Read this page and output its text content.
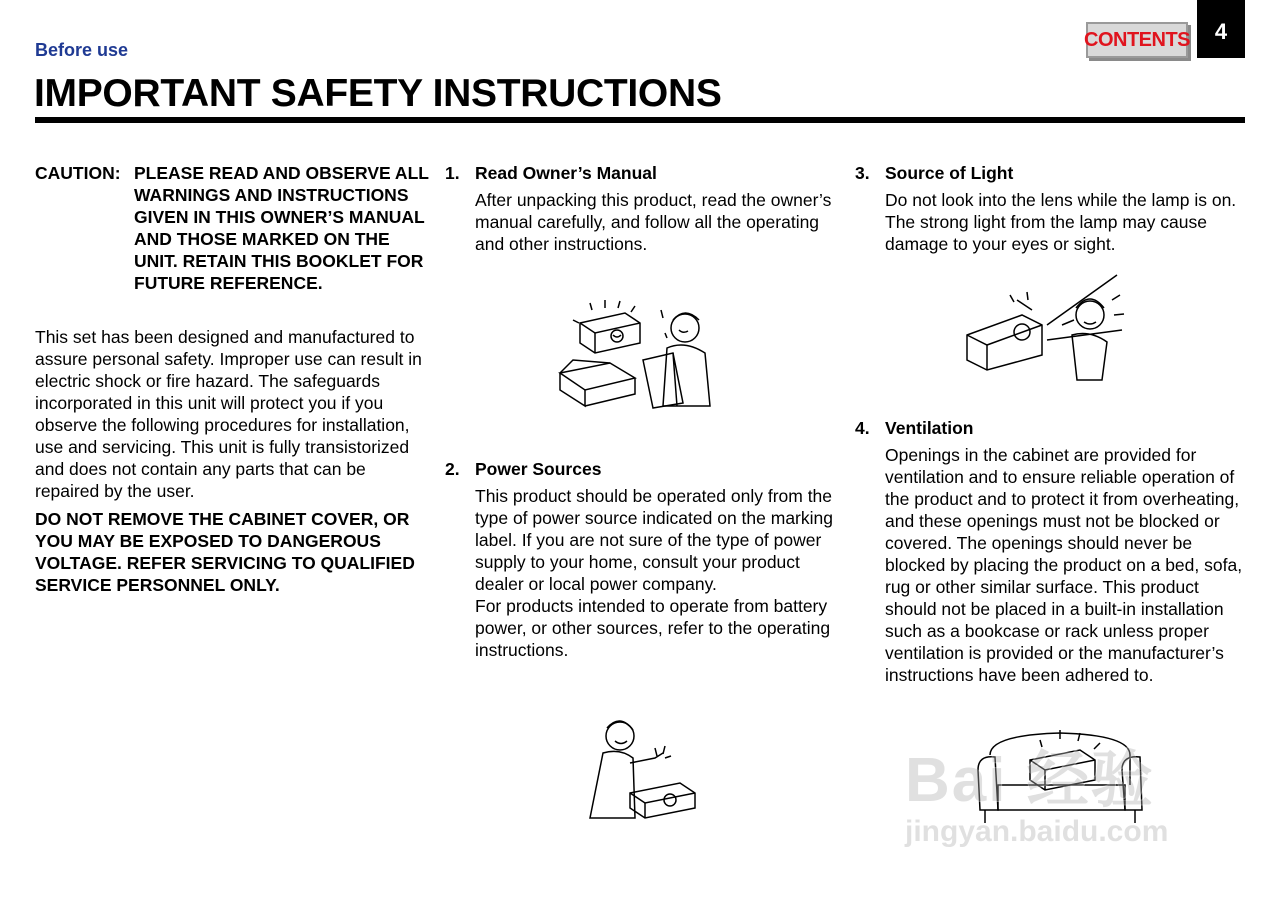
Before use	CONTENTS	4
IMPORTANT SAFETY INSTRUCTIONS
CAUTION: PLEASE READ AND OBSERVE ALL WARNINGS AND INSTRUCTIONS GIVEN IN THIS OWNER’S MANUAL AND THOSE MARKED ON THE UNIT. RETAIN THIS BOOKLET FOR FUTURE REFERENCE.

This set has been designed and manufactured to assure personal safety. Improper use can result in electric shock or fire hazard. The safeguards incorporated in this unit will protect you if you observe the following procedures for installation, use and servicing. This unit is fully transistorized and does not contain any parts that can be repaired by the user.

DO NOT REMOVE THE CABINET COVER, OR YOU MAY BE EXPOSED TO DANGEROUS VOLTAGE. REFER SERVICING TO QUALIFIED SERVICE PERSONNEL ONLY.

1. Read Owner’s Manual

After unpacking this product, read the owner’s manual carefully, and follow all the operating and other instructions.

2. Power Sources

This product should be operated only from the type of power source indicated on the marking label. If you are not sure of the type of power supply to your home, consult your product dealer or local power company.

For products intended to operate from battery power, or other sources, refer to the operating instructions.

3. Source of Light

Do not look into the lens while the lamp is on. The strong light from the lamp may cause damage to your eyes or sight.

4. Ventilation

Openings in the cabinet are provided for ventilation and to ensure reliable operation of the product and to protect it from overheating, and these openings must not be blocked or covered. The openings should never be blocked by placing the product on a bed, sofa, rug or other similar surface. This product should not be placed in a built-in installation such as a bookcase or rack unless proper ventilation is provided or the manufacturer’s instructions have been adhered to.

Bai 经验
jingyan.baidu.com
